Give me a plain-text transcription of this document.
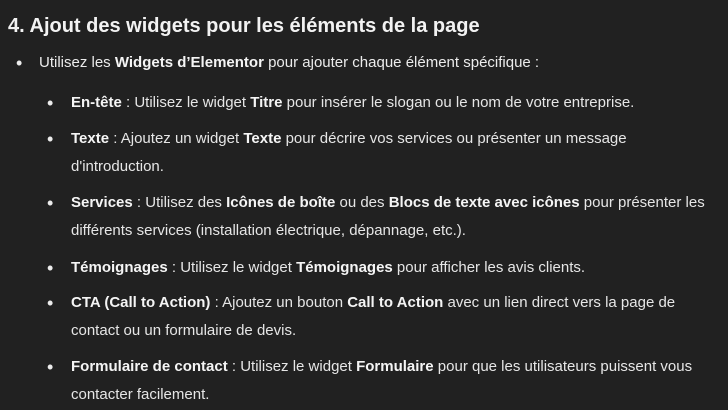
4. Ajout des widgets pour les éléments de la page
• Utilisez les Widgets d’Elementor pour ajouter chaque élément spécifique :
• En-tête : Utilisez le widget Titre pour insérer le slogan ou le nom de votre entreprise.
• Texte : Ajoutez un widget Texte pour décrire vos services ou présenter un message d'introduction.
• Services : Utilisez des Icônes de boîte ou des Blocs de texte avec icônes pour présenter les différents services (installation électrique, dépannage, etc.).
• Témoignages : Utilisez le widget Témoignages pour afficher les avis clients.
• CTA (Call to Action) : Ajoutez un bouton Call to Action avec un lien direct vers la page de contact ou un formulaire de devis.
• Formulaire de contact : Utilisez le widget Formulaire pour que les utilisateurs puissent vous contacter facilement.
